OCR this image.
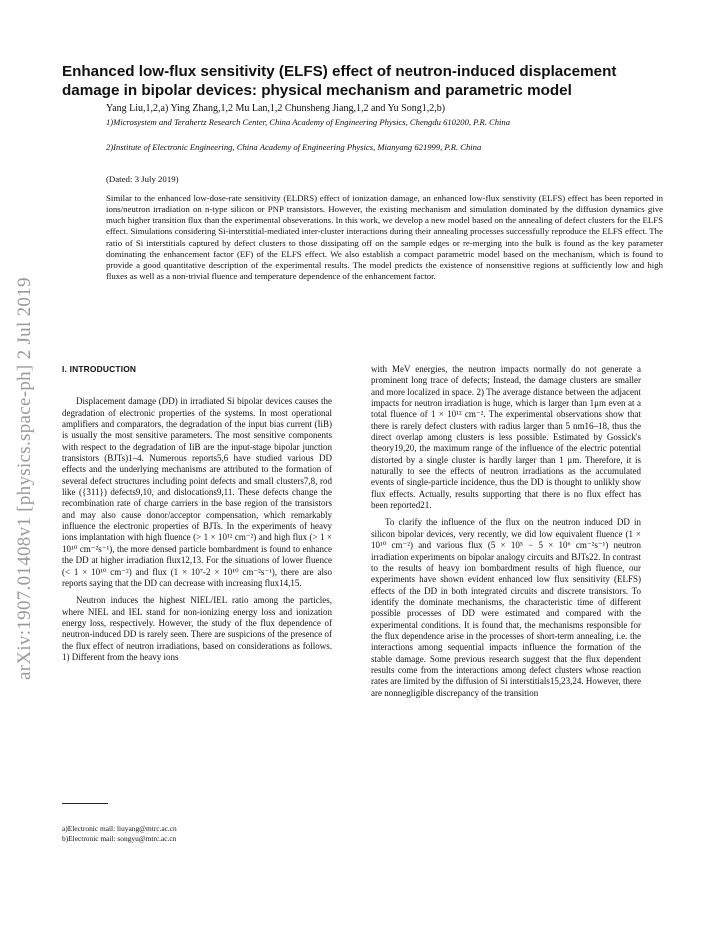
arXiv:1907.01408v1 [physics.space-ph] 2 Jul 2019
Enhanced low-flux sensitivity (ELFS) effect of neutron-induced displacement damage in bipolar devices: physical mechanism and parametric model
Yang Liu,1,2,a) Ying Zhang,1,2 Mu Lan,1,2 Chunsheng Jiang,1,2 and Yu Song1,2,b)
1)Microsystem and Terahertz Research Center, China Academy of Engineering Physics, Chengdu 610200, P.R. China
2)Institute of Electronic Engineering, China Academy of Engineering Physics, Mianyang 621999, P.R. China
(Dated: 3 July 2019)
Similar to the enhanced low-dose-rate sensitivity (ELDRS) effect of ionization damage, an enhanced low-flux senstivity (ELFS) effect has been reported in ions/neutron irradiation on n-type silicon or PNP transistors. However, the existing mechanism and simulation dominated by the diffusion dynamics give much higher transition flux than the experimental obseverations. In this work, we develop a new model based on the annealing of defect clusters for the ELFS effect. Simulations considering Si-interstitial-mediated inter-cluster interactions during their annealing processes successfully reproduce the ELFS effect. The ratio of Si interstitials captured by defect clusters to those dissipating off on the sample edges or re-merging into the bulk is found as the key parameter dominating the enhancement factor (EF) of the ELFS effect. We also establish a compact parametric model based on the mechanism, which is found to provide a good quantitative description of the experimental results. The model predicts the existence of nonsensitive regions at sufficiently low and high fluxes as well as a non-trivial fluence and temperature dependence of the enhancement factor.
I. INTRODUCTION

Displacement damage (DD) in irradiated Si bipolar devices causes the degradation of electronic properties of the systems. In most operational amplifiers and comparators, the degradation of the input bias current (IiB) is usually the most sensitive parameters. The most sensitive components with respect to the degradation of IiB are the input-stage bipolar junction transistors (BJTs)1–4. Numerous reports5,6 have studied various DD effects and the underlying mechanisms are attributed to the formation of several defect structures including point defects and small clusters7,8, rod like ({311}) defects9,10, and dislocations9,11. These defects change the recombination rate of charge carriers in the base region of the transistors and may also cause donor/acceptor compensation, which remarkably influence the electronic properties of BJTs. In the experiments of heavy ions implantation with high fluence (> 1 × 10¹² cm⁻²) and high flux (> 1 × 10¹⁰ cm⁻²s⁻¹), the more densed particle bombardment is found to enhance the DD at higher irradiation flux12,13. For the situations of lower fluence (< 1 × 10¹⁰ cm⁻²) and flux (1 × 10⁷-2 × 10¹⁰ cm⁻²s⁻¹), there are also reports saying that the DD can decrease with increasing flux14,15.

Neutron induces the highest NIEL/IEL ratio among the particles, where NIEL and IEL stand for non-ionizing energy loss and ionization energy loss, respectively. However, the study of the flux dependence of neutron-induced DD is rarely seen. There are suspicions of the presence of the flux effect of neutron irradiations, based on considerations as follows. 1) Different from the heavy ions

with MeV energies, the neutron impacts normally do not generate a prominent long trace of defects; Instead, the damage clusters are smaller and more localized in space. 2) The average distance between the adjacent impacts for neutron irradiation is huge, which is larger than 1μm even at a total fluence of 1 × 10¹² cm⁻². The experimental observations show that there is rarely defect clusters with radius larger than 5 nm16–18, thus the direct overlap among clusters is less possible. Estimated by Gossick's theory19,20, the maximum range of the influence of the electric potential distorted by a single cluster is hardly larger than 1 μm. Therefore, it is naturally to see the effects of neutron irradiations as the accumulated events of single-particle incidence, thus the DD is thought to unlikly show flux effects. Actually, results supporting that there is no flux effect has been reported21.

To clarify the influence of the flux on the neutron induced DD in silicon bipolar devices, very recently, we did low equivalent fluence (1 × 10¹⁰ cm⁻²) and various flux (5 × 10⁵ − 5 × 10⁶ cm⁻²s⁻¹) neutron irradiation experiments on bipolar analogy circuits and BJTs22. In contrast to the results of heavy ion bombardment results of high fluence, our experiments have shown evident enhanced low flux sensitivity (ELFS) effects of the DD in both integrated circuits and discrete transistors. To identify the dominate mechanisms, the characteristic time of different possible processes of DD were estimated and compared with the experimental conditions. It is found that, the mechanisms responsible for the flux dependence arise in the processes of short-term annealing, i.e. the interactions among sequential impacts influence the formation of the stable damage. Some previous research suggest that the flux dependent results come from the interactions among defect clusters whose reaction rates are limited by the diffusion of Si interstitials15,23,24. However, there are nonnegligible discrepancy of the transition

a)Electronic mail: liuyang@mtrc.ac.cn
b)Electronic mail: songyu@mtrc.ac.cn
